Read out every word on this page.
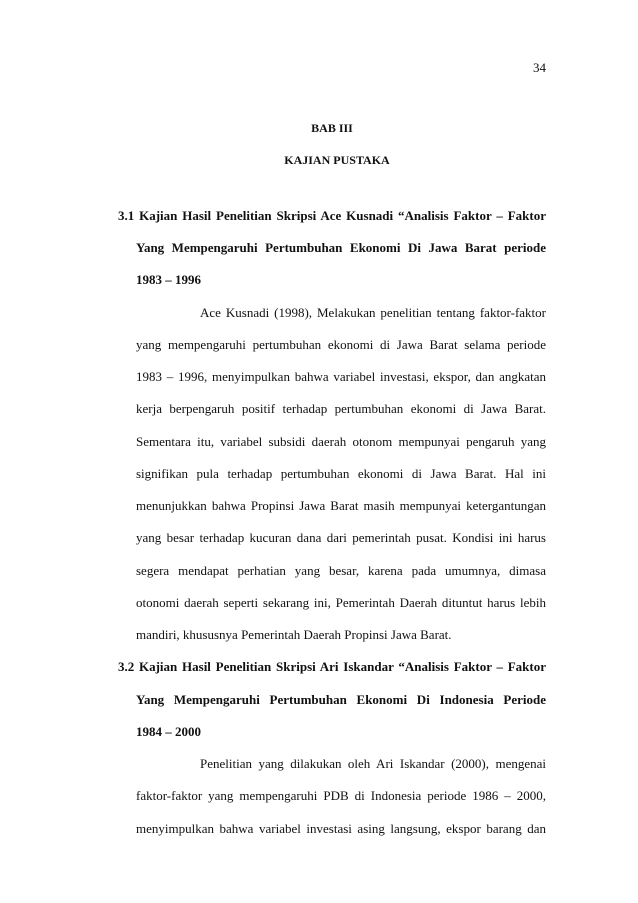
34
BAB III
KAJIAN PUSTAKA
3.1 Kajian Hasil Penelitian Skripsi Ace Kusnadi “Analisis Faktor – Faktor
Yang Mempengaruhi Pertumbuhan Ekonomi Di Jawa Barat periode
1983 – 1996
Ace Kusnadi (1998), Melakukan penelitian tentang faktor-faktor
yang mempengaruhi pertumbuhan ekonomi di Jawa Barat selama periode
1983 – 1996, menyimpulkan bahwa variabel investasi, ekspor, dan angkatan
kerja berpengaruh positif terhadap pertumbuhan ekonomi di Jawa Barat.
Sementara itu, variabel subsidi daerah otonom mempunyai pengaruh yang
signifikan pula terhadap pertumbuhan ekonomi di Jawa Barat. Hal ini
menunjukkan bahwa Propinsi Jawa Barat masih mempunyai ketergantungan
yang besar terhadap kucuran dana dari pemerintah pusat. Kondisi ini harus
segera mendapat perhatian yang besar, karena pada umumnya, dimasa
otonomi daerah seperti sekarang ini, Pemerintah Daerah dituntut harus lebih
mandiri, khususnya Pemerintah Daerah Propinsi Jawa Barat.
3.2 Kajian Hasil Penelitian Skripsi Ari Iskandar “Analisis Faktor – Faktor
Yang Mempengaruhi Pertumbuhan Ekonomi Di Indonesia Periode
1984 – 2000
Penelitian yang dilakukan oleh Ari Iskandar (2000), mengenai
faktor-faktor yang mempengaruhi PDB di Indonesia periode 1986 – 2000,
menyimpulkan bahwa variabel investasi asing langsung, ekspor barang dan
